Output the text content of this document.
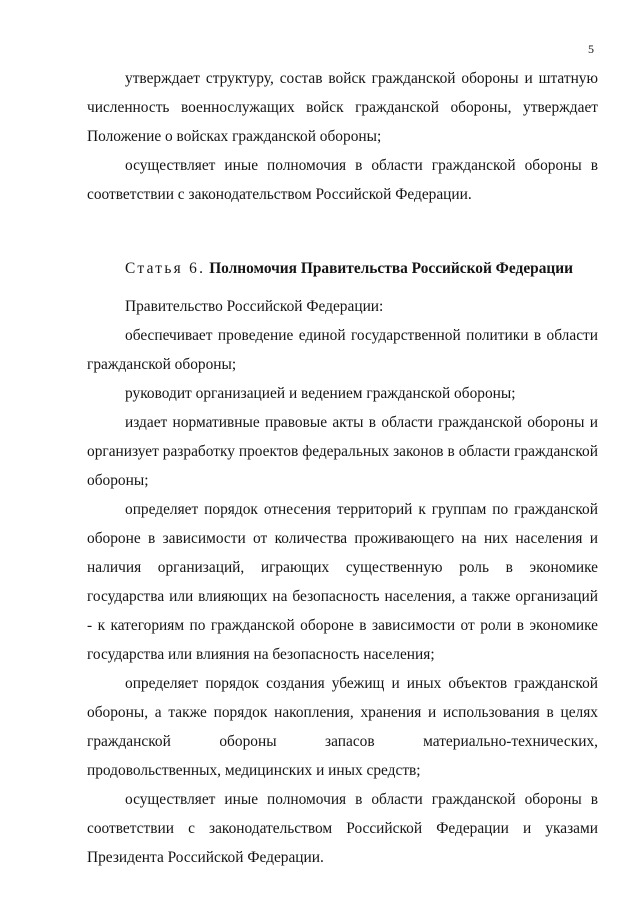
5

утверждает структуру, состав войск гражданской обороны и штатную численность военнослужащих войск гражданской обороны, утверждает Положение о войсках гражданской обороны;

осуществляет иные полномочия в области гражданской обороны в соответствии с законодательством Российской Федерации.

Статья 6. Полномочия Правительства Российской Федерации

Правительство Российской Федерации:

обеспечивает проведение единой государственной политики в области гражданской обороны;

руководит организацией и ведением гражданской обороны;

издает нормативные правовые акты в области гражданской обороны и организует разработку проектов федеральных законов в области гражданской обороны;

определяет порядок отнесения территорий к группам по гражданской обороне в зависимости от количества проживающего на них населения и наличия организаций, играющих существенную роль в экономике государства или влияющих на безопасность населения, а также организаций - к категориям по гражданской обороне в зависимости от роли в экономике государства или влияния на безопасность населения;

определяет порядок создания убежищ и иных объектов гражданской обороны, а также порядок накопления, хранения и использования в целях гражданской обороны запасов материально-технических, продовольственных, медицинских и иных средств;

осуществляет иные полномочия в области гражданской обороны в соответствии с законодательством Российской Федерации и указами Президента Российской Федерации.
